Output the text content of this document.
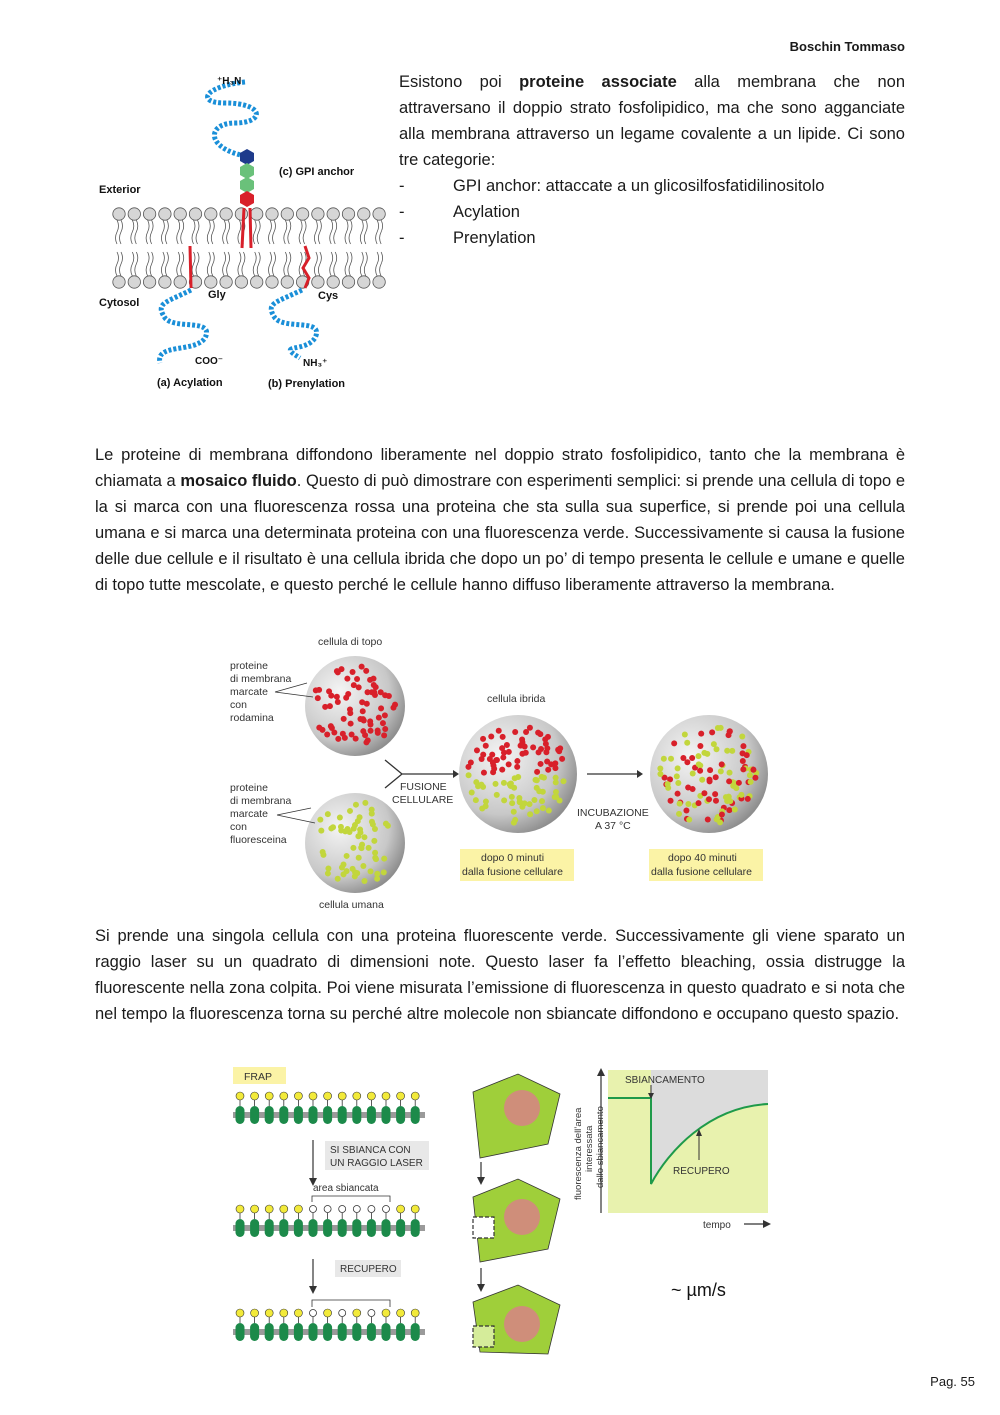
Boschin Tommaso
⁺H₃N
(c) GPI anchor
Exterior
Cytosol
Gly	Cys
COO⁻	NH₃⁺
(a) Acylation	(b) Prenylation
Esistono poi proteine associate alla membrana che non attraversano il doppio strato fosfolipidico, ma che sono agganciate alla membrana attraverso un legame covalente a un lipide. Ci sono tre categorie:
-	GPI anchor: attaccate a un glicosilfosfatidilinositolo
-	Acylation
-	Prenylation
Le proteine di membrana diffondono liberamente nel doppio strato fosfolipidico, tanto che la membrana è chiamata a mosaico fluido. Questo di può dimostrare con esperimenti semplici: si prende una cellula di topo e la si marca con una fluorescenza rossa una proteina che sta sulla sua superfice, si prende poi una cellula umana e si marca una determinata proteina con una fluorescenza verde. Successivamente si causa la fusione delle due cellule e il risultato è una cellula ibrida che dopo un po’ di tempo presenta le cellule e umane e quelle di topo tutte mescolate, e questo perché le cellule hanno diffuso liberamente attraverso la membrana.
cellula di topo
proteine
di membrana
marcate
con
rodamina
proteine
di membrana
marcate
con
fluoresceina
cellula umana
FUSIONE
CELLULARE
cellula ibrida
INCUBAZIONE
A 37 °C
dopo 0 minuti
dalla fusione cellulare
dopo 40 minuti
dalla fusione cellulare
Si prende una singola cellula con una proteina fluorescente verde. Successivamente gli viene sparato un raggio laser su un quadrato di dimensioni note. Questo laser fa l’effetto bleaching, ossia distrugge la fluorescente nella zona colpita. Poi viene misurata l’emissione di fluorescenza in questo quadrato e si nota che nel tempo la fluorescenza torna su perché altre molecole non sbiancate diffondono e occupano questo spazio.
FRAP
SI SBIANCA CON
UN RAGGIO LASER
area sbiancata
RECUPERO
tempo
SBIANCAMENTO
RECUPERO
fluorescenza dell’area interessata dallo sbiancamento
~ µm/s
Pag. 55
